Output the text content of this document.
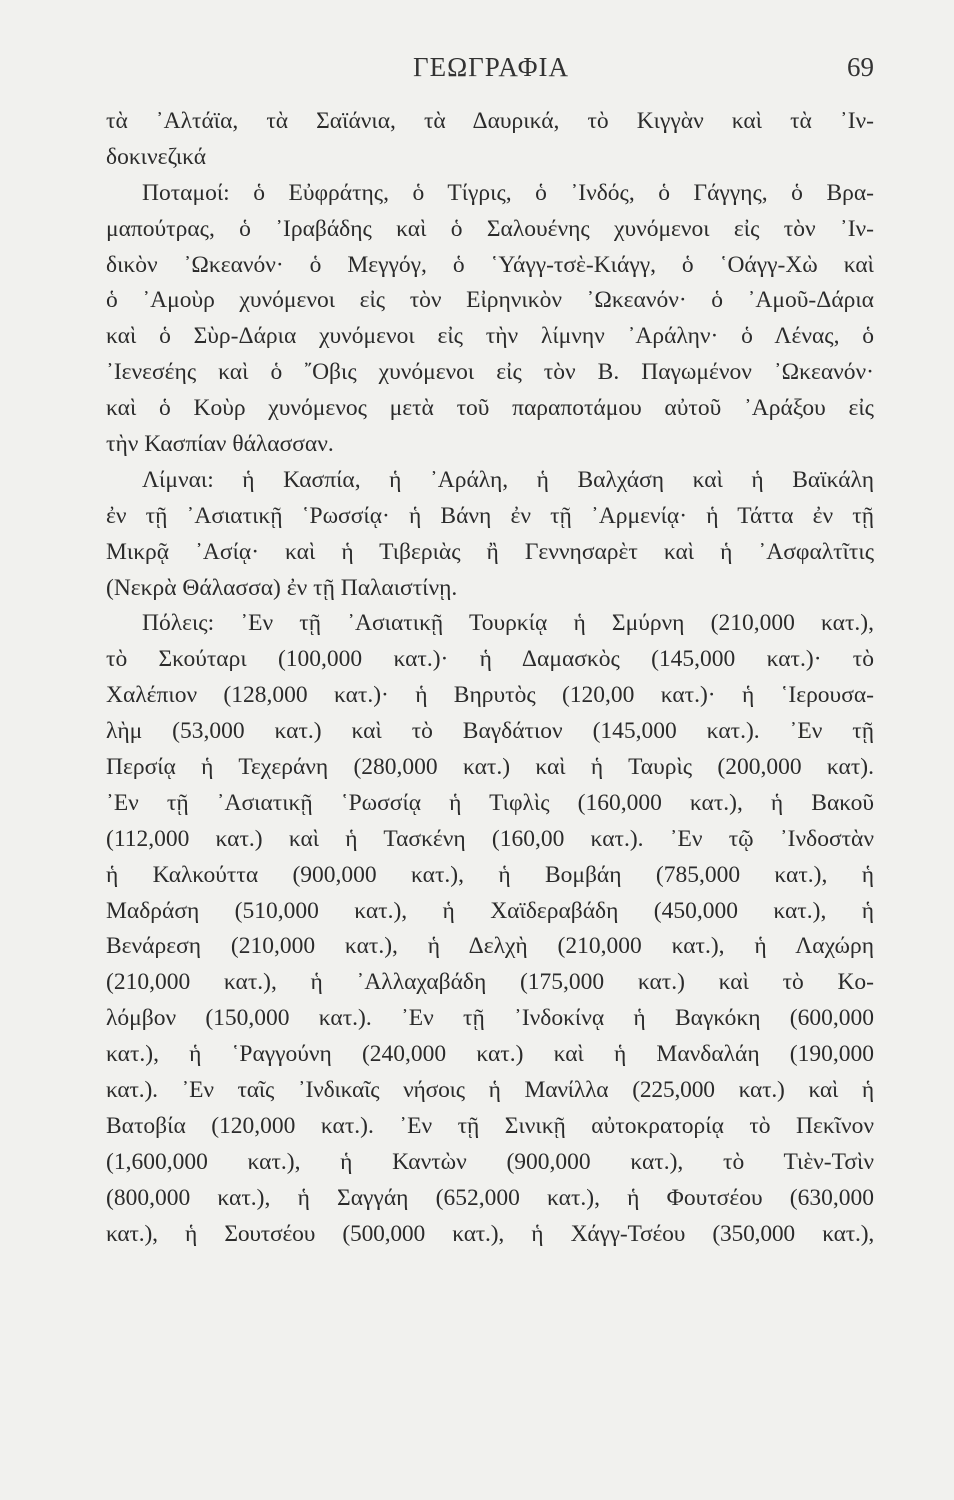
ΓΕΩΓΡΑΦΙΑ	69
τὰ ᾿Αλτάϊα, τὰ Σαϊάνια, τὰ Δαυρικά, τὸ Κιγγὰν καὶ τὰ ᾿Ιν-
δοκινεζικά
Ποταμοί: ὁ Εὐφράτης, ὁ Τίγρις, ὁ ᾿Ινδός, ὁ Γάγγης, ὁ Βρα-
μαπούτρας, ὁ ᾿Ιραβάδης καὶ ὁ Σαλουένης χυνόμενοι εἰς τὸν ᾿Ιν-
δικὸν ᾿Ωκεανόν· ὁ Μεγγόγ, ὁ ῾Υάγγ-τσὲ-Κιάγγ, ὁ ῾Οάγγ-Χὼ καὶ
ὁ ᾿Αμοὺρ χυνόμενοι εἰς τὸν Εἰρηνικὸν ᾿Ωκεανόν· ὁ ᾿Αμοῦ-Δάρια
καὶ ὁ Σὺρ-Δάρια χυνόμενοι εἰς τὴν λίμνην ᾿Αράλην· ὁ Λένας, ὁ
᾿Ιενεσέης καὶ ὁ ῎Οβις χυνόμενοι εἰς τὸν Β. Παγωμένον ᾿Ωκεανόν·
καὶ ὁ Κοὺρ χυνόμενος μετὰ τοῦ παραποτάμου αὐτοῦ ᾿Αράξου εἰς
τὴν Κασπίαν θάλασσαν.
Λίμναι: ἡ Κασπία, ἡ ᾿Αράλη, ἡ Βαλχάση καὶ ἡ Βαϊκάλη
ἐν τῇ ᾿Ασιατικῇ ῾Ρωσσίᾳ· ἡ Βάνη ἐν τῇ ᾿Αρμενίᾳ· ἡ Τάττα ἐν τῇ
Μικρᾷ ᾿Ασίᾳ· καὶ ἡ Τιβεριὰς ἢ Γεννησαρὲτ καὶ ἡ ᾿Ασφαλτῖτις
(Νεκρὰ Θάλασσα) ἐν τῇ Παλαιστίνῃ.
Πόλεις: ᾿Εν τῇ ᾿Ασιατικῇ Τουρκίᾳ ἡ Σμύρνη (210,000 κατ.),
τὸ Σκούταρι (100,000 κατ.)· ἡ Δαμασκὸς (145,000 κατ.)· τὸ
Χαλέπιον (128,000 κατ.)· ἡ Βηρυτὸς (120,00 κατ.)· ἡ ῾Ιερουσα-
λὴμ (53,000 κατ.) καὶ τὸ Βαγδάτιον (145,000 κατ.). ᾿Εν τῇ
Περσίᾳ ἡ Τεχεράνη (280,000 κατ.) καὶ ἡ Ταυρὶς (200,000 κατ).
᾿Εν τῇ ᾿Ασιατικῇ ῾Ρωσσίᾳ ἡ Τιφλὶς (160,000 κατ.), ἡ Βακοῦ
(112,000 κατ.) καὶ ἡ Τασκένη (160,00 κατ.). ᾿Εν τῷ ᾿Ινδοστὰν
ἡ Καλκούττα (900,000 κατ.), ἡ Βομβάη (785,000 κατ.), ἡ
Μαδράση (510,000 κατ.), ἡ Χαϊδεραβάδη (450,000 κατ.), ἡ
Βενάρεση (210,000 κατ.), ἡ Δελχὴ (210,000 κατ.), ἡ Λαχώρη
(210,000 κατ.), ἡ ᾿Αλλαχαβάδη (175,000 κατ.) καὶ τὸ Κο-
λόμβον (150,000 κατ.). ᾿Εν τῇ ᾿Ινδοκίνᾳ ἡ Βαγκόκη (600,000
κατ.), ἡ ῾Ραγγούνη (240,000 κατ.) καὶ ἡ Μανδαλάη (190,000
κατ.). ᾿Εν ταῖς ᾿Ινδικαῖς νήσοις ἡ Μανίλλα (225,000 κατ.) καὶ ἡ
Βατοβία (120,000 κατ.). ᾿Εν τῇ Σινικῇ αὐτοκρατορίᾳ τὸ Πεκῖνον
(1,600,000 κατ.), ἡ Καντὼν (900,000 κατ.), τὸ Τιὲν-Τσὶν
(800,000 κατ.), ἡ Σαγγάη (652,000 κατ.), ἡ Φουτσέου (630,000
κατ.), ἡ Σουτσέου (500,000 κατ.), ἡ Χάγγ-Τσέου (350,000 κατ.),
